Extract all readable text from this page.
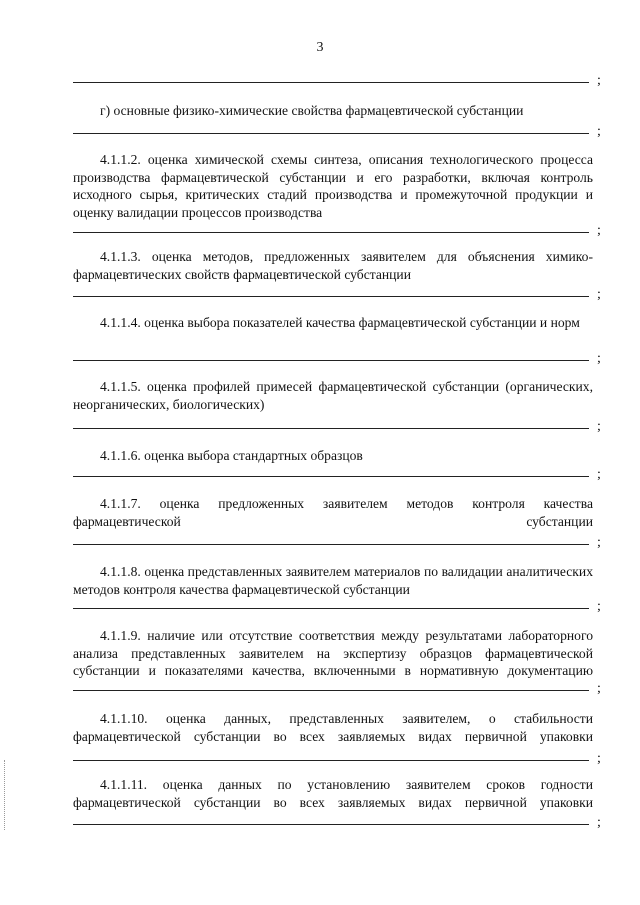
3
;
г) основные физико-химические свойства фармацевтической субстанции
;
4.1.1.2. оценка химической схемы синтеза, описания технологического процесса производства фармацевтической субстанции и его разработки, включая контроль исходного сырья, критических стадий производства и промежуточной продукции и оценку валидации процессов производства
;
4.1.1.3. оценка методов, предложенных заявителем для объяснения химико-фармацевтических свойств фармацевтической субстанции
;
4.1.1.4. оценка выбора показателей качества фармацевтической субстанции и норм
;
4.1.1.5. оценка профилей примесей фармацевтической субстанции (органических, неорганических, биологических)
;
4.1.1.6. оценка выбора стандартных образцов
;
4.1.1.7. оценка предложенных заявителем методов контроля качества фармацевтической субстанции
;
4.1.1.8. оценка представленных заявителем материалов по валидации аналитических методов контроля качества фармацевтической субстанции
;
4.1.1.9. наличие или отсутствие соответствия между результатами лабораторного анализа представленных заявителем на экспертизу образцов фармацевтической субстанции и показателями качества, включенными в нормативную документацию
;
4.1.1.10. оценка данных, представленных заявителем, о стабильности фармацевтической субстанции во всех заявляемых видах первичной упаковки
;
4.1.1.11. оценка данных по установлению заявителем сроков годности фармацевтической субстанции во всех заявляемых видах первичной упаковки
;
